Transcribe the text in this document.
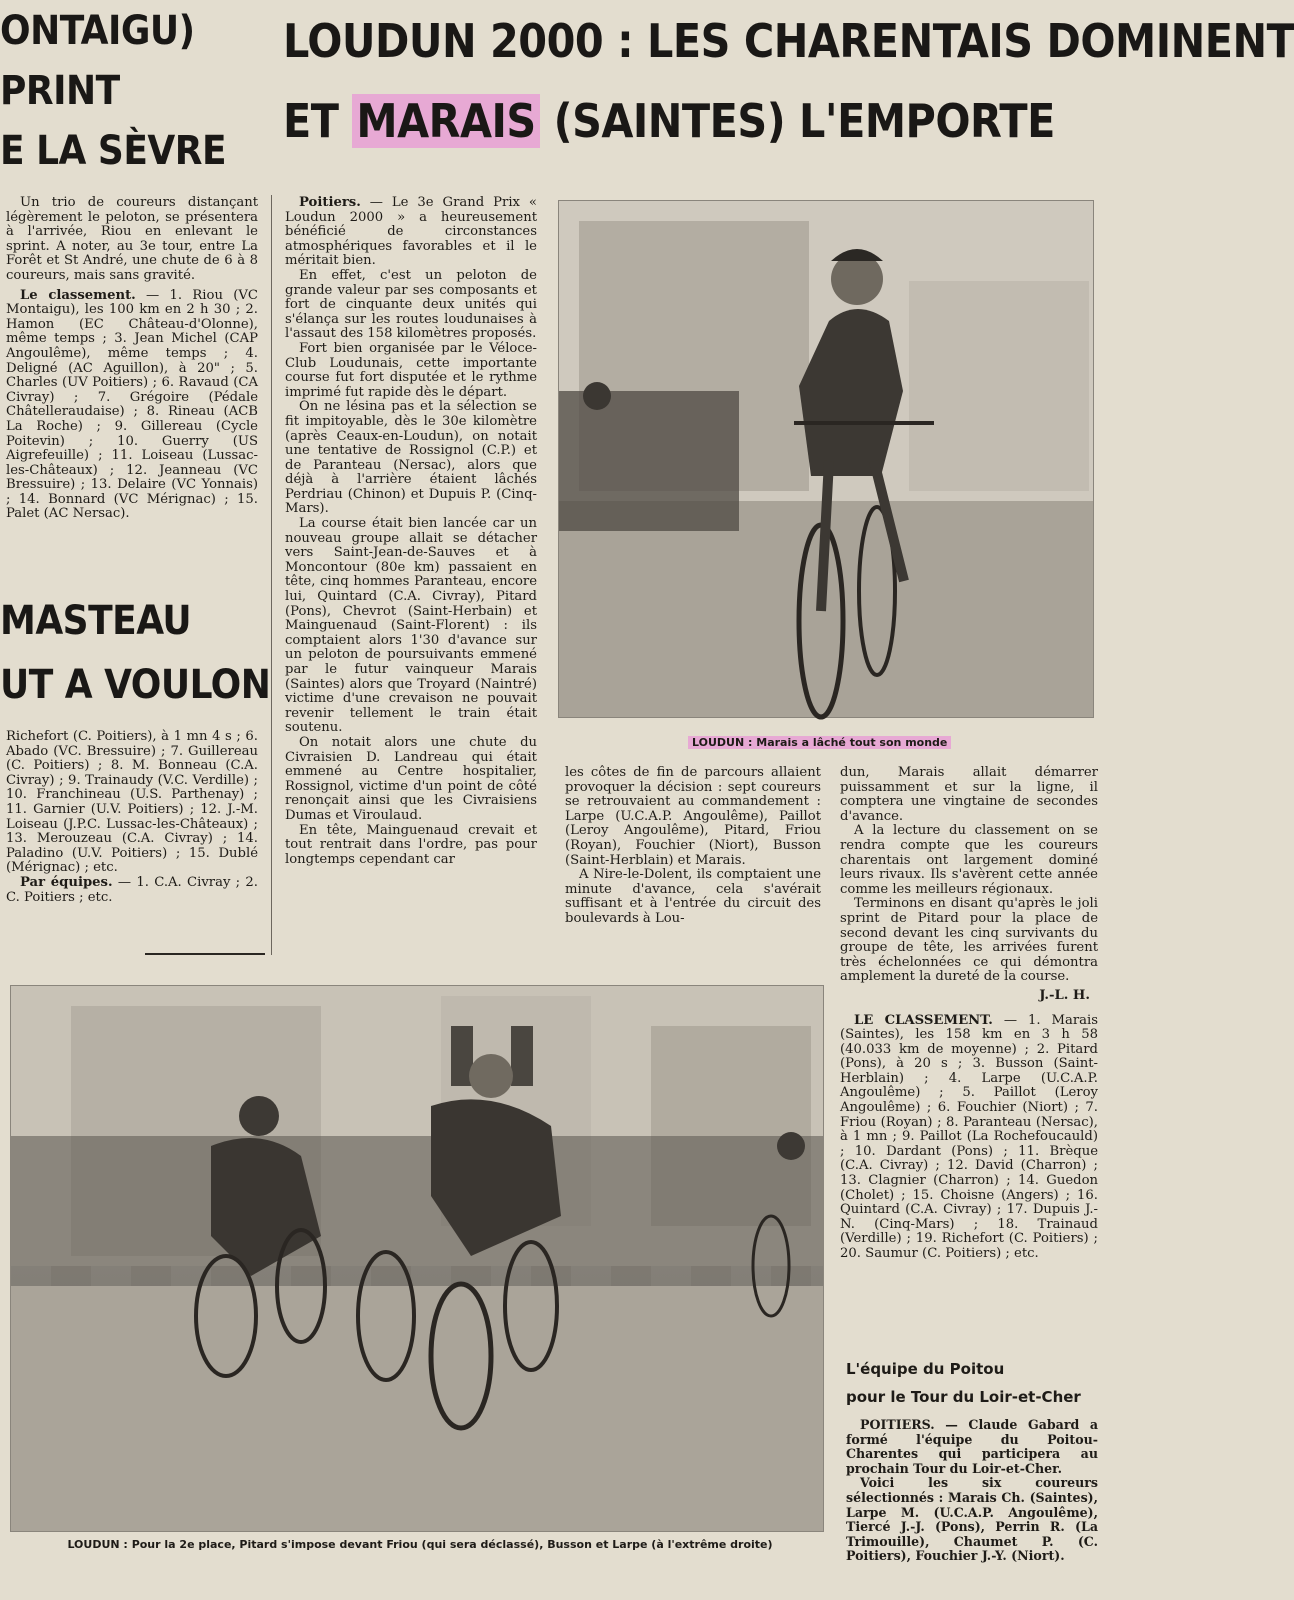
ONTAIGU)
PRINT
E LA SÈVRE

Un trio de coureurs distançant légèrement le peloton, se présentera à l'arrivée, Riou en enlevant le sprint. A noter, au 3e tour, entre La Forêt et St André, une chute de 6 à 8 coureurs, mais sans gravité.

Le classement. — 1. Riou (VC Montaigu), les 100 km en 2 h 30 ; 2. Hamon (EC Château-d'Olonne), même temps ; 3. Jean Michel (CAP Angoulême), même temps ; 4. Deligné (AC Aguillon), à 20" ; 5. Charles (UV Poitiers) ; 6. Ravaud (CA Civray) ; 7. Grégoire (Pédale Châtelleraudaise) ; 8. Rineau (ACB La Roche) ; 9. Gillereau (Cycle Poitevin) ; 10. Guerry (US Aigrefeuille) ; 11. Loiseau (Lussac-les-Châteaux) ; 12. Jeanneau (VC Bressuire) ; 13. Delaire (VC Yonnais) ; 14. Bonnard (VC Mérignac) ; 15. Palet (AC Nersac).

MASTEAU
UT A VOULON

Richefort (C. Poitiers), à 1 mn 4 s ; 6. Abado (VC. Bressuire) ; 7. Guillereau (C. Poitiers) ; 8. M. Bonneau (C.A. Civray) ; 9. Trainaudy (V.C. Verdille) ; 10. Franchineau (U.S. Parthenay) ; 11. Garnier (U.V. Poitiers) ; 12. J.-M. Loiseau (J.P.C. Lussac-les-Châteaux) ; 13. Merouzeau (C.A. Civray) ; 14. Paladino (U.V. Poitiers) ; 15. Dublé (Mérignac) ; etc.

Par équipes. — 1. C.A. Civray ; 2. C. Poitiers ; etc.

LOUDUN 2000 : LES CHARENTAIS DOMINENT
ET MARAIS (SAINTES) L'EMPORTE

Poitiers. — Le 3e Grand Prix « Loudun 2000 » a heureusement bénéficié de circonstances atmosphériques favorables et il le méritait bien.

En effet, c'est un peloton de grande valeur par ses composants et fort de cinquante deux unités qui s'élança sur les routes loudunaises à l'assaut des 158 kilomètres proposés.

Fort bien organisée par le Véloce-Club Loudunais, cette importante course fut fort disputée et le rythme imprimé fut rapide dès le départ.

On ne lésina pas et la sélection se fit impitoyable, dès le 30e kilomètre (après Ceaux-en-Loudun), on notait une tentative de Rossignol (C.P.) et de Paranteau (Nersac), alors que déjà à l'arrière étaient lâchés Perdriau (Chinon) et Dupuis P. (Cinq-Mars).

La course était bien lancée car un nouveau groupe allait se détacher vers Saint-Jean-de-Sauves et à Moncontour (80e km) passaient en tête, cinq hommes Paranteau, encore lui, Quintard (C.A. Civray), Pitard (Pons), Chevrot (Saint-Herbain) et Mainguenaud (Saint-Florent) : ils comptaient alors 1'30 d'avance sur un peloton de poursuivants emmené par le futur vainqueur Marais (Saintes) alors que Troyard (Naintré) victime d'une crevaison ne pouvait revenir tellement le train était soutenu.

On notait alors une chute du Civraisien D. Landreau qui était emmené au Centre hospitalier, Rossignol, victime d'un point de côté renonçait ainsi que les Civraisiens Dumas et Viroulaud.

En tête, Mainguenaud crevait et tout rentrait dans l'ordre, pas pour longtemps cependant car

LOUDUN : Marais a lâché tout son monde

les côtes de fin de parcours allaient provoquer la décision : sept coureurs se retrouvaient au commandement : Larpe (U.C.A.P. Angoulême), Paillot (Leroy Angoulême), Pitard, Friou (Royan), Fouchier (Niort), Busson (Saint-Herblain) et Marais.

A Nire-le-Dolent, ils comptaient une minute d'avance, cela s'avérait suffisant et à l'entrée du circuit des boulevards à Lou-

dun, Marais allait démarrer puissamment et sur la ligne, il comptera une vingtaine de secondes d'avance.

A la lecture du classement on se rendra compte que les coureurs charentais ont largement dominé leurs rivaux. Ils s'avèrent cette année comme les meilleurs régionaux.

Terminons en disant qu'après le joli sprint de Pitard pour la place de second devant les cinq survivants du groupe de tête, les arrivées furent très échelonnées ce qui démontra amplement la dureté de la course.

J.-L. H.

LE CLASSEMENT. — 1. Marais (Saintes), les 158 km en 3 h 58 (40.033 km de moyenne) ; 2. Pitard (Pons), à 20 s ; 3. Busson (Saint-Herblain) ; 4. Larpe (U.C.A.P. Angoulême) ; 5. Paillot (Leroy Angoulême) ; 6. Fouchier (Niort) ; 7. Friou (Royan) ; 8. Paranteau (Nersac), à 1 mn ; 9. Paillot (La Rochefoucauld) ; 10. Dardant (Pons) ; 11. Brèque (C.A. Civray) ; 12. David (Charron) ; 13. Clagnier (Charron) ; 14. Guedon (Cholet) ; 15. Choisne (Angers) ; 16. Quintard (C.A. Civray) ; 17. Dupuis J.-N. (Cinq-Mars) ; 18. Trainaud (Verdille) ; 19. Richefort (C. Poitiers) ; 20. Saumur (C. Poitiers) ; etc.

LOUDUN : Pour la 2e place, Pitard s'impose devant Friou (qui sera déclassé), Busson et Larpe (à l'extrême droite)
L'équipe du Poitou
pour le Tour du Loir-et-Cher

POITIERS. — Claude Gabard a formé l'équipe du Poitou-Charentes qui participera au prochain Tour du Loir-et-Cher.

Voici les six coureurs sélectionnés : Marais Ch. (Saintes), Larpe M. (U.C.A.P. Angoulême), Tiercé J.-J. (Pons), Perrin R. (La Trimouille), Chaumet P. (C. Poitiers), Fouchier J.-Y. (Niort).
